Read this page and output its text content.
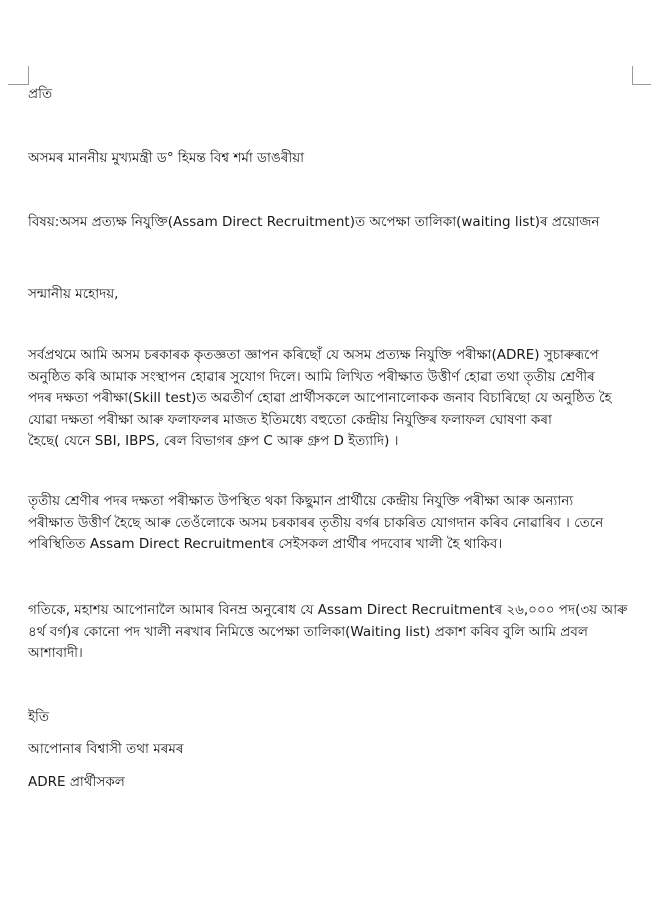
প্ৰতি

অসমৰ মাননীয় মুখ্যমন্ত্ৰী ড° হিমন্ত বিশ্ব শৰ্মা ডাঙৰীয়া

বিষয়:অসম প্ৰত্যক্ষ নিযুক্তি(Assam Direct Recruitment)ত অপেক্ষা তালিকা(waiting list)ৰ প্ৰয়োজন

সন্মানীয় মহোদয়,

সৰ্বপ্ৰথমে আমি অসম চৰকাৰক কৃতজ্ঞতা জ্ঞাপন কৰিছোঁ যে অসম প্ৰত্যক্ষ নিযুক্তি পৰীক্ষা(ADRE) সুচাৰুৰূপে
অনুষ্ঠিত কৰি আমাক সংস্থাপন হোৱাৰ সুযোগ দিলে। আমি লিখিত পৰীক্ষাত উত্তীৰ্ণ হোৱা তথা তৃতীয় শ্ৰেণীৰ
পদৰ দক্ষতা পৰীক্ষা(Skill test)ত অৱতীৰ্ণ হোৱা প্ৰাৰ্থীসকলে আপোনালোকক জনাব বিচাৰিছো যে অনুষ্ঠিত হৈ
যোৱা দক্ষতা পৰীক্ষা আৰু ফলাফলৰ মাজত ইতিমধ্যে বহুতো কেন্দ্ৰীয় নিযুক্তিৰ ফলাফল ঘোষণা কৰা
হৈছে( যেনে SBI, IBPS, ৰেল বিভাগৰ গ্ৰুপ C আৰু গ্ৰুপ D ইত্যাদি) ।
তৃতীয় শ্ৰেণীৰ পদৰ দক্ষতা পৰীক্ষাত উপস্থিত থকা কিছুমান প্ৰাৰ্থীয়ে কেন্দ্ৰীয় নিযুক্তি পৰীক্ষা আৰু অন্যান্য
পৰীক্ষাত উত্তীৰ্ণ হৈছে আৰু তেওঁলোকে অসম চৰকাৰৰ তৃতীয় বৰ্গৰ চাকৰিত যোগদান কৰিব নোৱাৰিব । তেনে
পৰিস্থিতিত Assam Direct Recruitmentৰ সেইসকল প্ৰাৰ্থীৰ পদবোৰ খালী হৈ থাকিব।
গতিকে, মহাশয় আপোনালৈ আমাৰ বিনম্ৰ অনুৰোধ যে Assam Direct Recruitmentৰ ২৬,০০০ পদ(৩য় আৰু
৪ৰ্থ বৰ্গ)ৰ কোনো পদ খালী নৰখাৰ নিমিত্তে অপেক্ষা তালিকা(Waiting list) প্ৰকাশ কৰিব বুলি আমি প্ৰবল
আশাবাদী।

ইতি

আপোনাৰ বিশ্বাসী তথা মৰমৰ

ADRE প্ৰাৰ্থীসকল
